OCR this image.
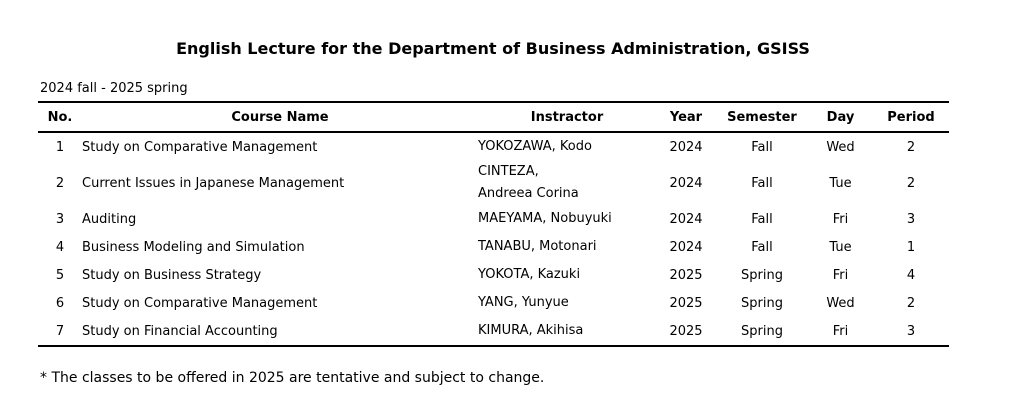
English Lecture for the Department of Business Administration, GSISS
2024 fall - 2025 spring
No.	Course Name	Instractor	Year	Semester	Day	Period
1	Study on Comparative Management	YOKOZAWA, Kodo	2024	Fall	Wed	2
2	Current Issues in Japanese Management	CINTEZA,
Andreea Corina	2024	Fall	Tue	2
3	Auditing	MAEYAMA, Nobuyuki	2024	Fall	Fri	3
4	Business Modeling and Simulation	TANABU, Motonari	2024	Fall	Tue	1
5	Study on Business Strategy	YOKOTA, Kazuki	2025	Spring	Fri	4
6	Study on Comparative Management	YANG, Yunyue	2025	Spring	Wed	2
7	Study on Financial Accounting	KIMURA, Akihisa	2025	Spring	Fri	3
* The classes to be offered in 2025 are tentative and subject to change.
